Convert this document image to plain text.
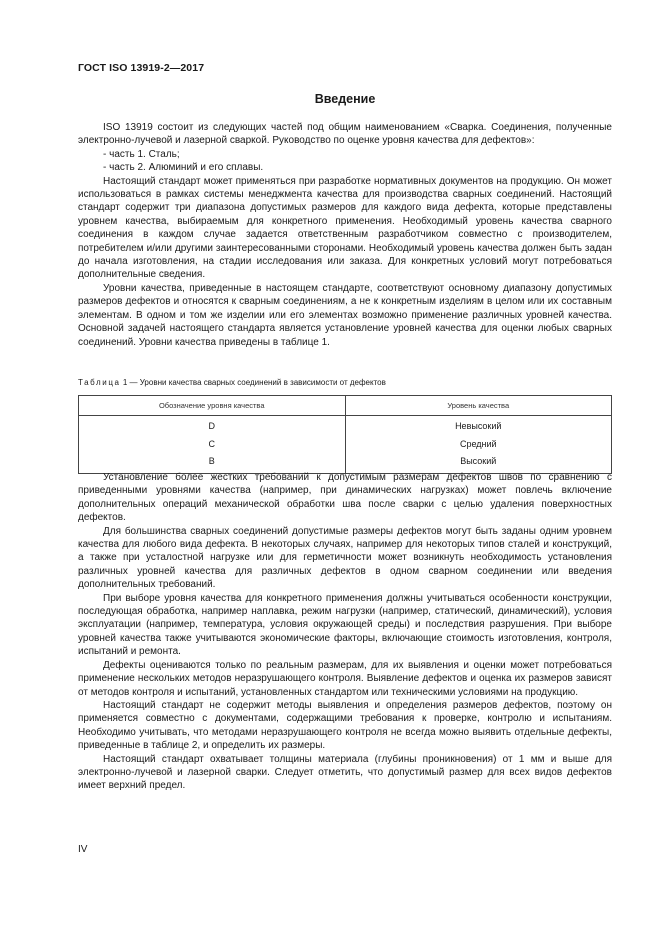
ГОСТ ISO 13919-2—2017
Введение

ISO 13919 состоит из следующих частей под общим наименованием «Сварка. Соединения, полученные электронно-лучевой и лазерной сваркой. Руководство по оценке уровня качества для дефектов»:

- часть 1. Сталь;
- часть 2. Алюминий и его сплавы.

Настоящий стандарт может применяться при разработке нормативных документов на продукцию. Он может использоваться в рамках системы менеджмента качества для производства сварных соединений. Настоящий стандарт содержит три диапазона допустимых размеров для каждого вида дефекта, которые представлены уровнем качества, выбираемым для конкретного применения. Необходимый уровень качества сварного соединения в каждом случае задается ответственным разработчиком совместно с производителем, потребителем и/или другими заинтересованными сторонами. Необходимый уровень качества должен быть задан до начала изготовления, на стадии исследования или заказа. Для конкретных условий могут потребоваться дополнительные сведения.

Уровни качества, приведенные в настоящем стандарте, соответствуют основному диапазону допустимых размеров дефектов и относятся к сварным соединениям, а не к конкретным изделиям в целом или их составным элементам. В одном и том же изделии или его элементах возможно применение различных уровней качества. Основной задачей настоящего стандарта является установление уровней качества для оценки любых сварных соединений. Уровни качества приведены в таблице 1.

Таблица 1 — Уровни качества сварных соединений в зависимости от дефектов
Обозначение уровня качества	Уровень качества
D	Невысокий
C	Средний
B	Высокий

Установление более жестких требований к допустимым размерам дефектов швов по сравнению с приведенными уровнями качества (например, при динамических нагрузках) может повлечь включение дополнительных операций механической обработки шва после сварки с целью удаления поверхностных дефектов.

Для большинства сварных соединений допустимые размеры дефектов могут быть заданы одним уровнем качества для любого вида дефекта. В некоторых случаях, например для некоторых типов сталей и конструкций, а также при усталостной нагрузке или для герметичности может возникнуть необходимость установления различных уровней качества для различных дефектов в одном сварном соединении или введения дополнительных требований.

При выборе уровня качества для конкретного применения должны учитываться особенности конструкции, последующая обработка, например наплавка, режим нагрузки (например, статический, динамический), условия эксплуатации (например, температура, условия окружающей среды) и последствия разрушения. При выборе уровней качества также учитываются экономические факторы, включающие стоимость изготовления, контроля, испытаний и ремонта.

Дефекты оцениваются только по реальным размерам, для их выявления и оценки может потребоваться применение нескольких методов неразрушающего контроля. Выявление дефектов и оценка их размеров зависят от методов контроля и испытаний, установленных стандартом или техническими условиями на продукцию.

Настоящий стандарт не содержит методы выявления и определения размеров дефектов, поэтому он применяется совместно с документами, содержащими требования к проверке, контролю и испытаниям. Необходимо учитывать, что методами неразрушающего контроля не всегда можно выявить отдельные дефекты, приведенные в таблице 2, и определить их размеры.

Настоящий стандарт охватывает толщины материала (глубины проникновения) от 1 мм и выше для электронно-лучевой и лазерной сварки. Следует отметить, что допустимый размер для всех видов дефектов имеет верхний предел.

IV
